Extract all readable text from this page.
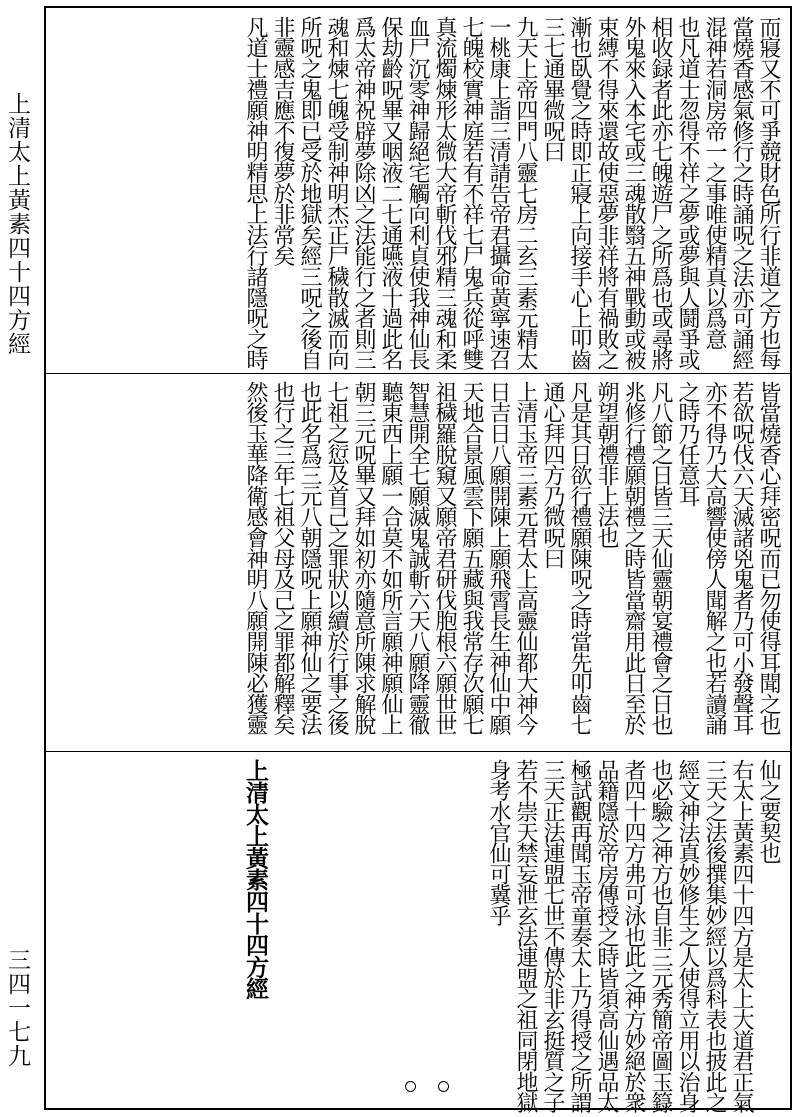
上清太上黃素四十四方經
三四一七九
而寢又不可爭競財色所行非道之方也每
當燒香感氣修行之時誦呪之法亦可誦經
混神若洞房帝一之事唯使精真以爲意
也凡道士忽得不祥之夢或夢與人鬪爭或
相收録者此亦七魄遊尸之所爲也或尋將
外鬼來入本宅或三魂散翳五神戰動或被
束縛不得來還故使惡夢非祥將有禍敗之
漸也臥覺之時即正寢上向接手心上叩齒
三七通畢微呪曰
九天上帝四門八靈七房二玄三素元精太
一桃康上詣三清請告帝君攝命黃寧速召
七魄校實神庭若有不祥七尸鬼兵從呼雙
真流燭煉形太微大帝斬伐邪精三魂和柔
血尸沉零神歸絕宅觸向利貞使我神仙長
保劫齡呪畢又咽液二七通嚥液十過此名
爲太帝神祝辟夢除凶之法能行之者則三
魂和煉七魄受制神明杰正尸穢散滅而向
所呪之鬼即已受於地獄矣經三呪之後自
非靈感吉應不復夢於非常矣
凡道士禮願神明精思上法行諸隱呪之時
皆當燒香心拜密呪而已勿使得耳聞之也
若欲呪伐六天滅諸兇鬼者乃可小發聲耳
亦不得乃大高響使傍人聞解之也若讀誦
之時乃任意耳
凡八節之日皆三天仙靈朝宴禮會之日也
兆修行禮願朝禮之時皆當齋用此日至於
朔望朝禮非上法也
凡是其日欲行禮願陳呪之時當先叩齒七
通心拜四方乃微呪曰
上清玉帝三素元君太上高靈仙都大神今
日吉日八願開陳上願飛霄長生神仙中願
天地合景風雲下願五藏與我常存次願七
祖穢羅脫窺又願帝君研伐胞根六願世世
智慧開全七願滅鬼誠斬六天八願降靈徹
聽東西上願一合莫不如所言願神願仙上
朝三元呪畢又拜如初亦隨意所陳求解脫
七祖之愆及首己之罪狀以續於行事之後
也此名爲三元八朝隱呪上願神仙之要法
也行之三年七祖父母及己之罪都解釋矣
然後玉華降衛感會神明八願開陳必獲靈
仙之要契也
右太上黃素四十四方是太上大道君正氣
三天之法後撰集妙經以爲科表也披此之
經文神法真妙修生之人使得立用以治身
也必驗之神方也自非三元秀簡帝圖玉籙
者四十四方弗可泳也此之神方妙絕於衆
品籍隱於帝房傳授之時皆須高仙遇品太
極試觀再聞玉帝童奏太上乃得授之所謂
三天正法連盟七世不傳於非玄挺質之子
若不崇天禁妄泄玄法連盟之祖同閉地獄
身考水官仙可冀乎
上清太上黃素四十四方經
